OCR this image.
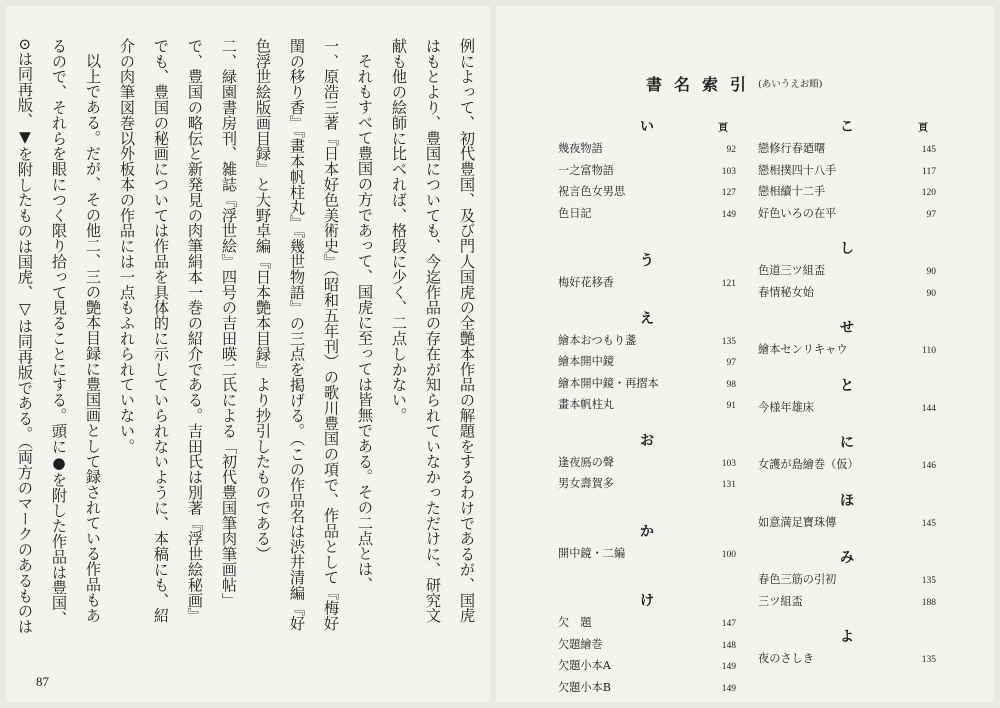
例によって、初代豊国、及び門人国虎の全艶本作品の解題をするわけであるが、国虎はもとより、豊国についても、今迄作品の存在が知られていなかっただけに、研究文献も他の絵師に比べれば、格段に少く、二点しかない。

それもすべて豊国の方であって、国虎に至っては皆無である。その二点とは、

一、原浩三著『日本好色美術史』（昭和五年刊）の歌川豊国の項で、作品として『梅好閨の移り香』『畫本帆柱丸』『幾世物語』の三点を掲げる。（この作品名は渋井清編『好色浮世絵版画目録』と大野卓編『日本艶本目録』より抄引したものである）

二、緑園書房刊、雑誌『浮世絵』四号の吉田暎二氏による「初代豊国筆肉筆画帖」で、豊国の略伝と新発見の肉筆絹本一巻の紹介である。吉田氏は別著『浮世絵秘画』でも、豊国の秘画については作品を具体的に示していられないように、本稿にも、紹介の肉筆図巻以外板本の作品には一点もふれられていない。

以上である。だが、その他二、三の艶本目録に豊国画として録されている作品もあるので、それらを眼につく限り拾って見ることにする。頭に●を附した作品は豊国、⊙は同再版、▼を附したものは国虎、▽は同再版である。（両方のマークのあるものは

87
書名索引 (あいうえお順)
い	頁
幾夜物語	92
一之富物語	103
祝言色女男思	127
色日記	149
う
梅好花移香	121
え
繪本おつもり盞	135
繪本開中鏡	97
繪本開中鏡・再摺本	98
畫本帆柱丸	91
お
逢夜鳫の聲	103
男女壽賀多	131
か
開中鏡・二編	100
け
欠　題	147
欠題繪巻	148
欠題小本A	149
欠題小本B	149
こ	頁
戀修行春廼曙	145
戀相撲四十八手	117
戀相續十二手	120
好色いろの在平	97
し
色道三ツ組盃	90
春情秘女始	90
せ
繪本センリキャウ	110
と
今様年雄床	144
に
女護が島繪巻（仮）	146
ほ
如意満足寶珠傳	145
み
春色三筋の引初	135
三ツ組盃	188
よ
夜のさしき	135
